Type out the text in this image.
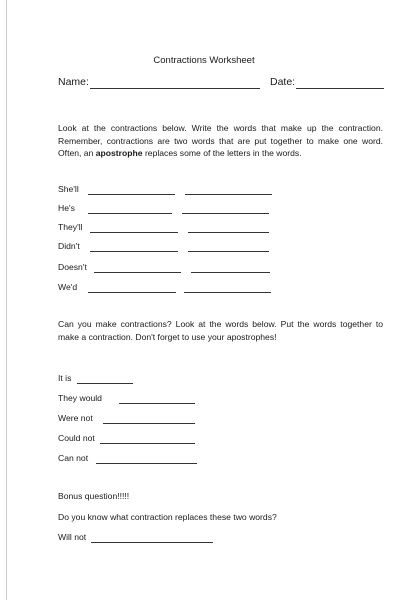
Contractions Worksheet
Name:	Date:
Look at the contractions below. Write the words that make up the contraction. Remember, contractions are two words that are put together to make one word. Often, an apostrophe replaces some of the letters in the words.
She'll
He's
They'll
Didn't
Doesn't
We'd
Can you make contractions? Look at the words below. Put the words together to make a contraction. Don't forget to use your apostrophes!
It is
They would
Were not
Could not
Can not
Bonus question!!!!!
Do you know what contraction replaces these two words?
Will not
